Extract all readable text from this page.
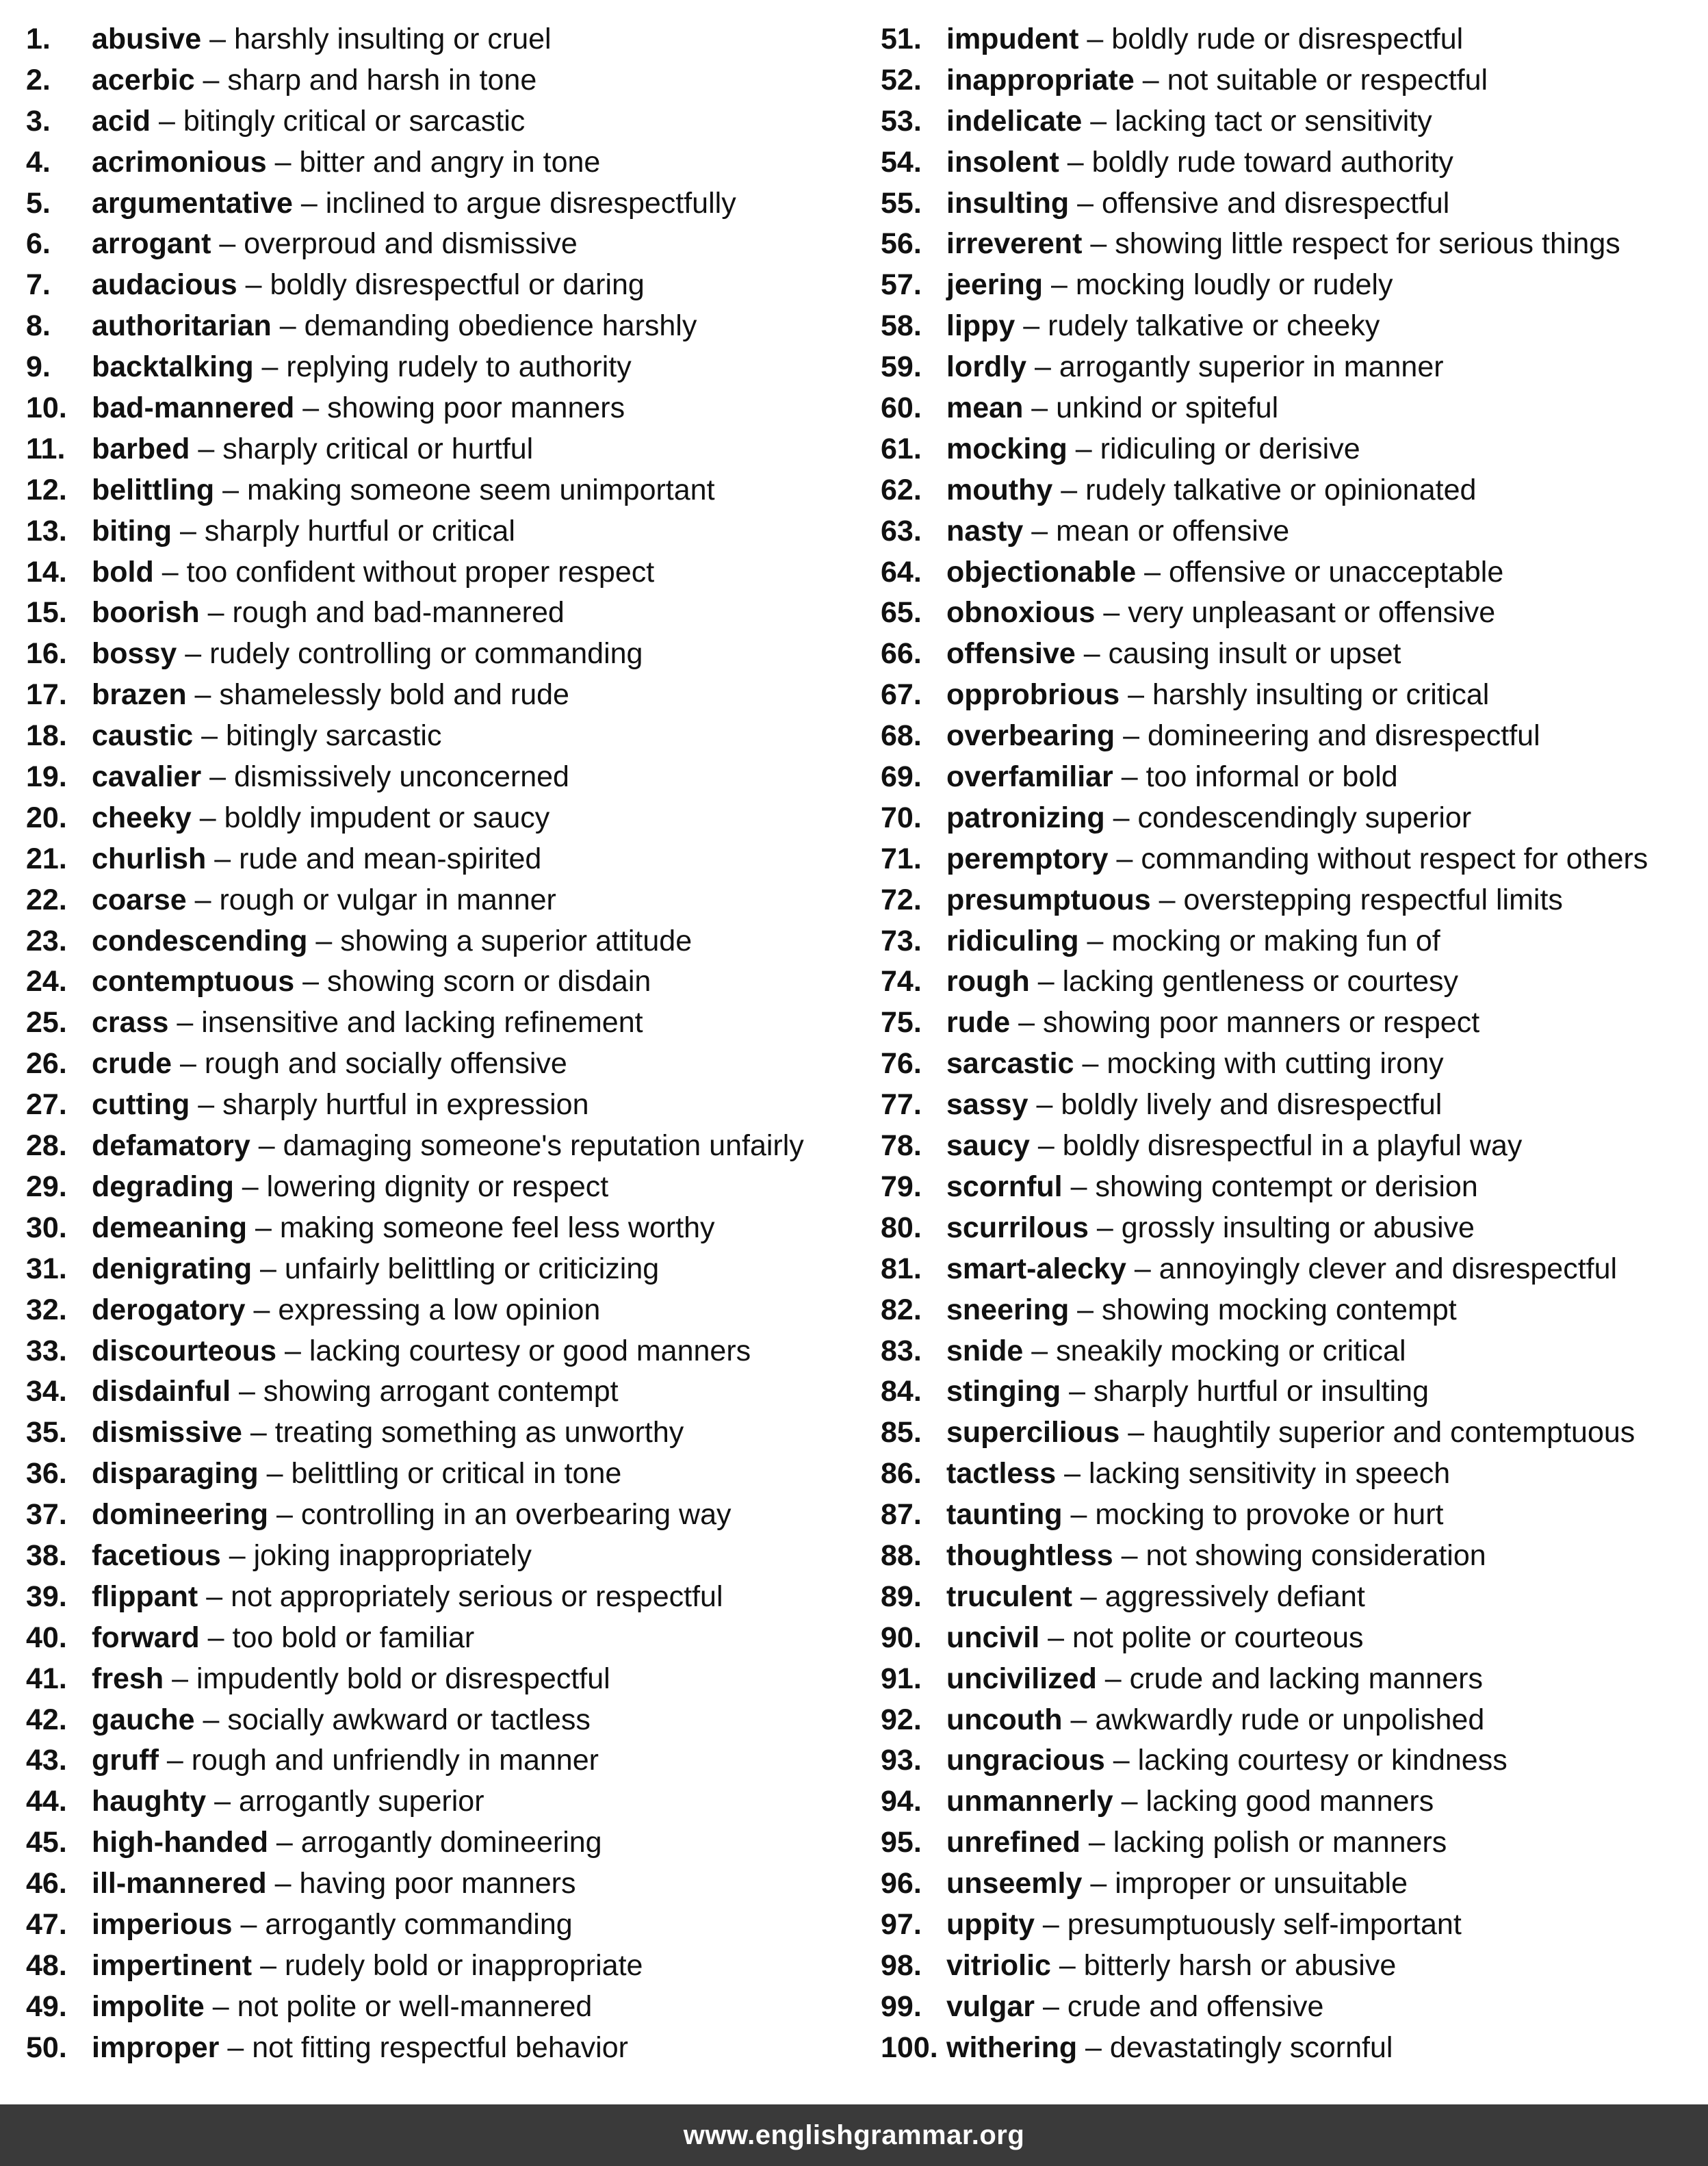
1. abusive – harshly insulting or cruel
2. acerbic – sharp and harsh in tone
3. acid – bitingly critical or sarcastic
4. acrimonious – bitter and angry in tone
5. argumentative – inclined to argue disrespectfully
6. arrogant – overproud and dismissive
7. audacious – boldly disrespectful or daring
8. authoritarian – demanding obedience harshly
9. backtalking – replying rudely to authority
10. bad-mannered – showing poor manners
11. barbed – sharply critical or hurtful
12. belittling – making someone seem unimportant
13. biting – sharply hurtful or critical
14. bold – too confident without proper respect
15. boorish – rough and bad-mannered
16. bossy – rudely controlling or commanding
17. brazen – shamelessly bold and rude
18. caustic – bitingly sarcastic
19. cavalier – dismissively unconcerned
20. cheeky – boldly impudent or saucy
21. churlish – rude and mean-spirited
22. coarse – rough or vulgar in manner
23. condescending – showing a superior attitude
24. contemptuous – showing scorn or disdain
25. crass – insensitive and lacking refinement
26. crude – rough and socially offensive
27. cutting – sharply hurtful in expression
28. defamatory – damaging someone's reputation unfairly
29. degrading – lowering dignity or respect
30. demeaning – making someone feel less worthy
31. denigrating – unfairly belittling or criticizing
32. derogatory – expressing a low opinion
33. discourteous – lacking courtesy or good manners
34. disdainful – showing arrogant contempt
35. dismissive – treating something as unworthy
36. disparaging – belittling or critical in tone
37. domineering – controlling in an overbearing way
38. facetious – joking inappropriately
39. flippant – not appropriately serious or respectful
40. forward – too bold or familiar
41. fresh – impudently bold or disrespectful
42. gauche – socially awkward or tactless
43. gruff – rough and unfriendly in manner
44. haughty – arrogantly superior
45. high-handed – arrogantly domineering
46. ill-mannered – having poor manners
47. imperious – arrogantly commanding
48. impertinent – rudely bold or inappropriate
49. impolite – not polite or well-mannered
50. improper – not fitting respectful behavior
51. impudent – boldly rude or disrespectful
52. inappropriate – not suitable or respectful
53. indelicate – lacking tact or sensitivity
54. insolent – boldly rude toward authority
55. insulting – offensive and disrespectful
56. irreverent – showing little respect for serious things
57. jeering – mocking loudly or rudely
58. lippy – rudely talkative or cheeky
59. lordly – arrogantly superior in manner
60. mean – unkind or spiteful
61. mocking – ridiculing or derisive
62. mouthy – rudely talkative or opinionated
63. nasty – mean or offensive
64. objectionable – offensive or unacceptable
65. obnoxious – very unpleasant or offensive
66. offensive – causing insult or upset
67. opprobrious – harshly insulting or critical
68. overbearing – domineering and disrespectful
69. overfamiliar – too informal or bold
70. patronizing – condescendingly superior
71. peremptory – commanding without respect for others
72. presumptuous – overstepping respectful limits
73. ridiculing – mocking or making fun of
74. rough – lacking gentleness or courtesy
75. rude – showing poor manners or respect
76. sarcastic – mocking with cutting irony
77. sassy – boldly lively and disrespectful
78. saucy – boldly disrespectful in a playful way
79. scornful – showing contempt or derision
80. scurrilous – grossly insulting or abusive
81. smart-alecky – annoyingly clever and disrespectful
82. sneering – showing mocking contempt
83. snide – sneakily mocking or critical
84. stinging – sharply hurtful or insulting
85. supercilious – haughtily superior and contemptuous
86. tactless – lacking sensitivity in speech
87. taunting – mocking to provoke or hurt
88. thoughtless – not showing consideration
89. truculent – aggressively defiant
90. uncivil – not polite or courteous
91. uncivilized – crude and lacking manners
92. uncouth – awkwardly rude or unpolished
93. ungracious – lacking courtesy or kindness
94. unmannerly – lacking good manners
95. unrefined – lacking polish or manners
96. unseemly – improper or unsuitable
97. uppity – presumptuously self-important
98. vitriolic – bitterly harsh or abusive
99. vulgar – crude and offensive
100. withering – devastatingly scornful
www.englishgrammar.org
